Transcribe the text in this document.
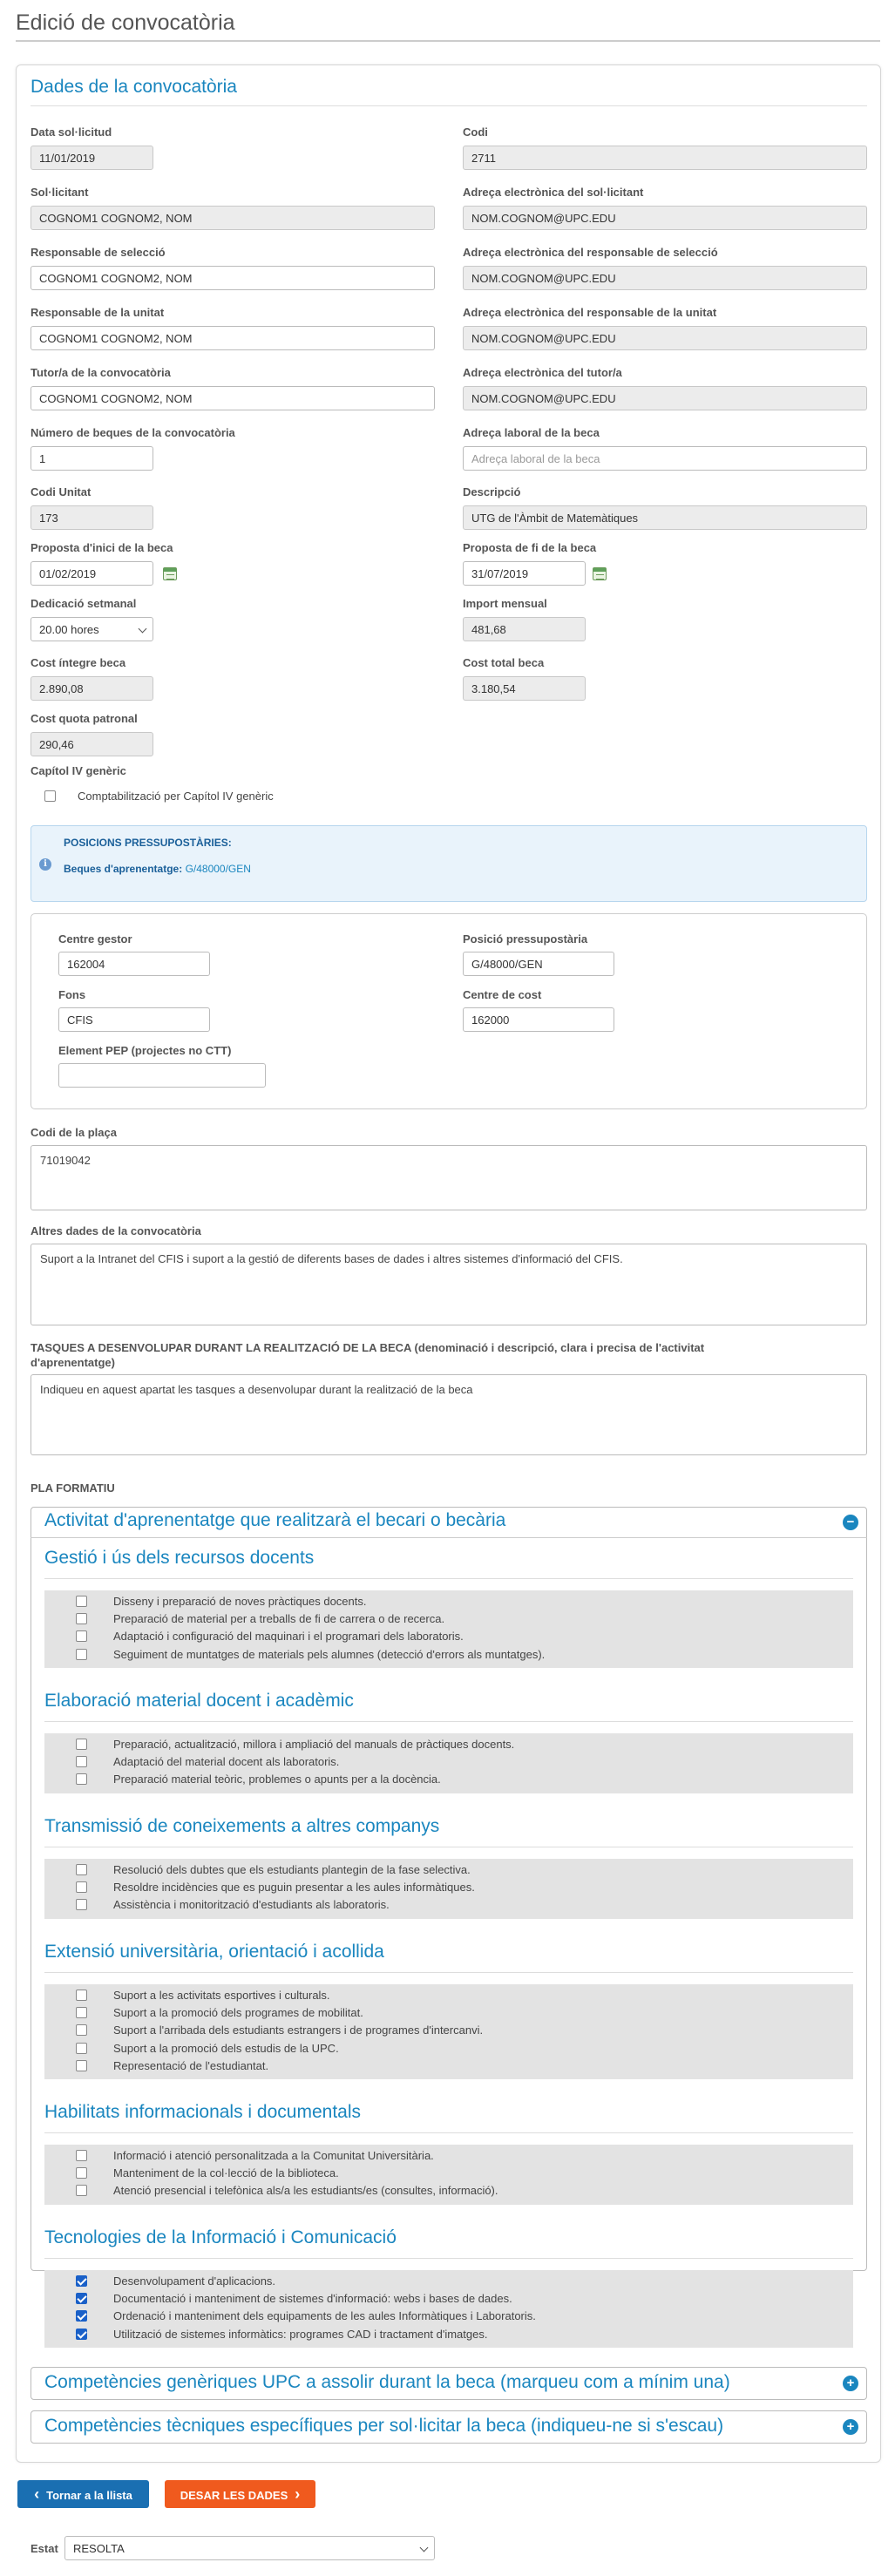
Edició de convocatòria
Dades de la convocatòria
Data sol·licitud
11/01/2019
Codi
2711
Sol·licitant
COGNOM1 COGNOM2, NOM
Adreça electrònica del sol·licitant
NOM.COGNOM@UPC.EDU
Responsable de selecció
COGNOM1 COGNOM2, NOM
Adreça electrònica del responsable de selecció
NOM.COGNOM@UPC.EDU
Responsable de la unitat
COGNOM1 COGNOM2, NOM
Adreça electrònica del responsable de la unitat
NOM.COGNOM@UPC.EDU
Tutor/a de la convocatòria
COGNOM1 COGNOM2, NOM
Adreça electrònica del tutor/a
NOM.COGNOM@UPC.EDU
Número de beques de la convocatòria
1
Adreça laboral de la beca
Adreça laboral de la beca
Codi Unitat
173
Descripció
UTG de l'Àmbit de Matemàtiques
Proposta d'inici de la beca
01/02/2019
Proposta de fi de la beca
31/07/2019
Dedicació setmanal
20.00 hores
Import mensual
481,68
Cost íntegre beca
2.890,08
Cost total beca
3.180,54
Cost quota patronal
290,46
Capítol IV genèric
Comptabilització per Capítol IV genèric
i
POSICIONS PRESSUPOSTÀRIES:
Beques d'aprenentatge: G/48000/GEN
Centre gestor
162004
Posició pressupostària
G/48000/GEN
Fons
CFIS
Centre de cost
162000
Element PEP (projectes no CTT)
Codi de la plaça
71019042
Altres dades de la convocatòria
Suport a la Intranet del CFIS i suport a la gestió de diferents bases de dades i altres sistemes d'informació del CFIS.
TASQUES A DESENVOLUPAR DURANT LA REALITZACIÓ DE LA BECA (denominació i descripció, clara i precisa de l'activitat
d'aprenentatge)
Indiqueu en aquest apartat les tasques a desenvolupar durant la realització de la beca
PLA FORMATIU
Activitat d'aprenentatge que realitzarà el becari o becària	−
Gestió i ús dels recursos docents
Disseny i preparació de noves pràctiques docents.
Preparació de material per a treballs de fi de carrera o de recerca.
Adaptació i configuració del maquinari i el programari dels laboratoris.
Seguiment de muntatges de materials pels alumnes (detecció d'errors als muntatges).
Elaboració material docent i acadèmic
Preparació, actualització, millora i ampliació del manuals de pràctiques docents.
Adaptació del material docent als laboratoris.
Preparació material teòric, problemes o apunts per a la docència.
Transmissió de coneixements a altres companys
Resolució dels dubtes que els estudiants plantegin de la fase selectiva.
Resoldre incidències que es puguin presentar a les aules informàtiques.
Assistència i monitorització d'estudiants als laboratoris.
Extensió universitària, orientació i acollida
Suport a les activitats esportives i culturals.
Suport a la promoció dels programes de mobilitat.
Suport a l'arribada dels estudiants estrangers i de programes d'intercanvi.
Suport a la promoció dels estudis de la UPC.
Representació de l'estudiantat.
Habilitats informacionals i documentals
Informació i atenció personalitzada a la Comunitat Universitària.
Manteniment de la col·lecció de la biblioteca.
Atenció presencial i telefònica als/a les estudiants/es (consultes, informació).
Tecnologies de la Informació i Comunicació
Desenvolupament d'aplicacions.
Documentació i manteniment de sistemes d'informació: webs i bases de dades.
Ordenació i manteniment dels equipaments de les aules Informàtiques i Laboratoris.
Utilització de sistemes informàtics: programes CAD i tractament d'imatges.
Competències genèriques UPC a assolir durant la beca (marqueu com a mínim una)	+
Competències tècniques específiques per sol·licitar la beca (indiqueu-ne si s'escau)	+
‹ Tornar a la llista	DESAR LES DADES ›
Estat	RESOLTA
